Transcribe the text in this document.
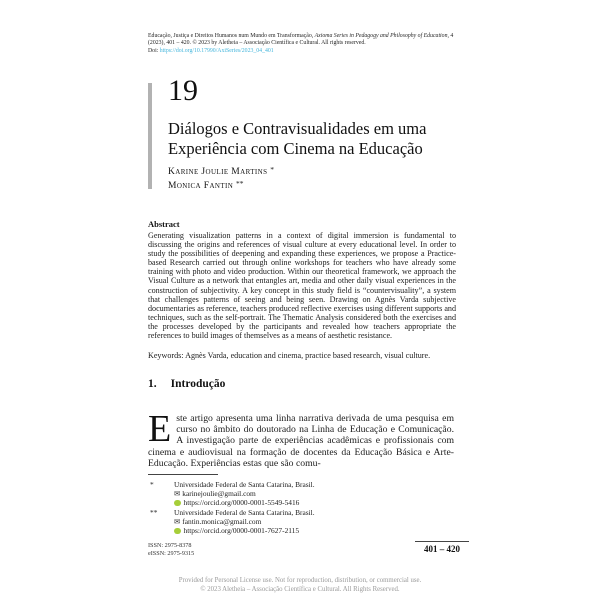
Educação, Justiça e Direitos Humanos num Mundo em Transformação, Axioma Series in Pedagogy and Philosophy of Education, 4 (2023), 401 – 420. © 2023 by Aletheia – Associação Científica e Cultural. All rights reserved.
Doi: https://doi.org/10.17990/AxiSeries/2023_04_401

19
Diálogos e Contravisualidades em uma
Experiência com Cinema na Educação
Karine Joulie Martins *
Monica Fantin **
Abstract
Generating visualization patterns in a context of digital immersion is fundamental to discussing the origins and references of visual culture at every educational level. In order to study the possibilities of deepening and expanding these experiences, we propose a Practice-based Research carried out through online workshops for teachers who have already some training with photo and video production. Within our theoretical framework, we approach the Visual Culture as a network that entangles art, media and other daily visual experiences in the construction of subjectivity. A key concept in this study field is “countervisuality”, a system that challenges patterns of seeing and being seen. Drawing on Agnès Varda subjective documentaries as reference, teachers produced reflective exercises using different supports and techniques, such as the self-portrait. The Thematic Analysis considered both the exercises and the processes developed by the participants and revealed how teachers appropriate the references to build images of themselves as a means of aesthetic resistance.
Keywords: Agnès Varda, education and cinema, practice based research, visual culture.
1. Introdução

Este artigo apresenta uma linha narrativa derivada de uma pesquisa em curso no âmbito do doutorado na Linha de Educação e Comunicação. A investigação parte de experiências acadêmicas e profissionais com cinema e audiovisual na formação de docentes da Educação Básica e Arte-Educação. Experiências estas que são comu-

*	Universidade Federal de Santa Catarina, Brasil.
✉ karinejoulie@gmail.com
https://orcid.org/0000-0001-5549-5416
**	Universidade Federal de Santa Catarina, Brasil.
✉ fantin.monica@gmail.com
https://orcid.org/0000-0001-7627-2115
ISSN: 2975-8378
eISSN: 2975-9315	401 – 420
Provided for Personal License use. Not for reproduction, distribution, or commercial use.
© 2023 Aletheia – Associação Científica e Cultural. All Rights Reserved.
